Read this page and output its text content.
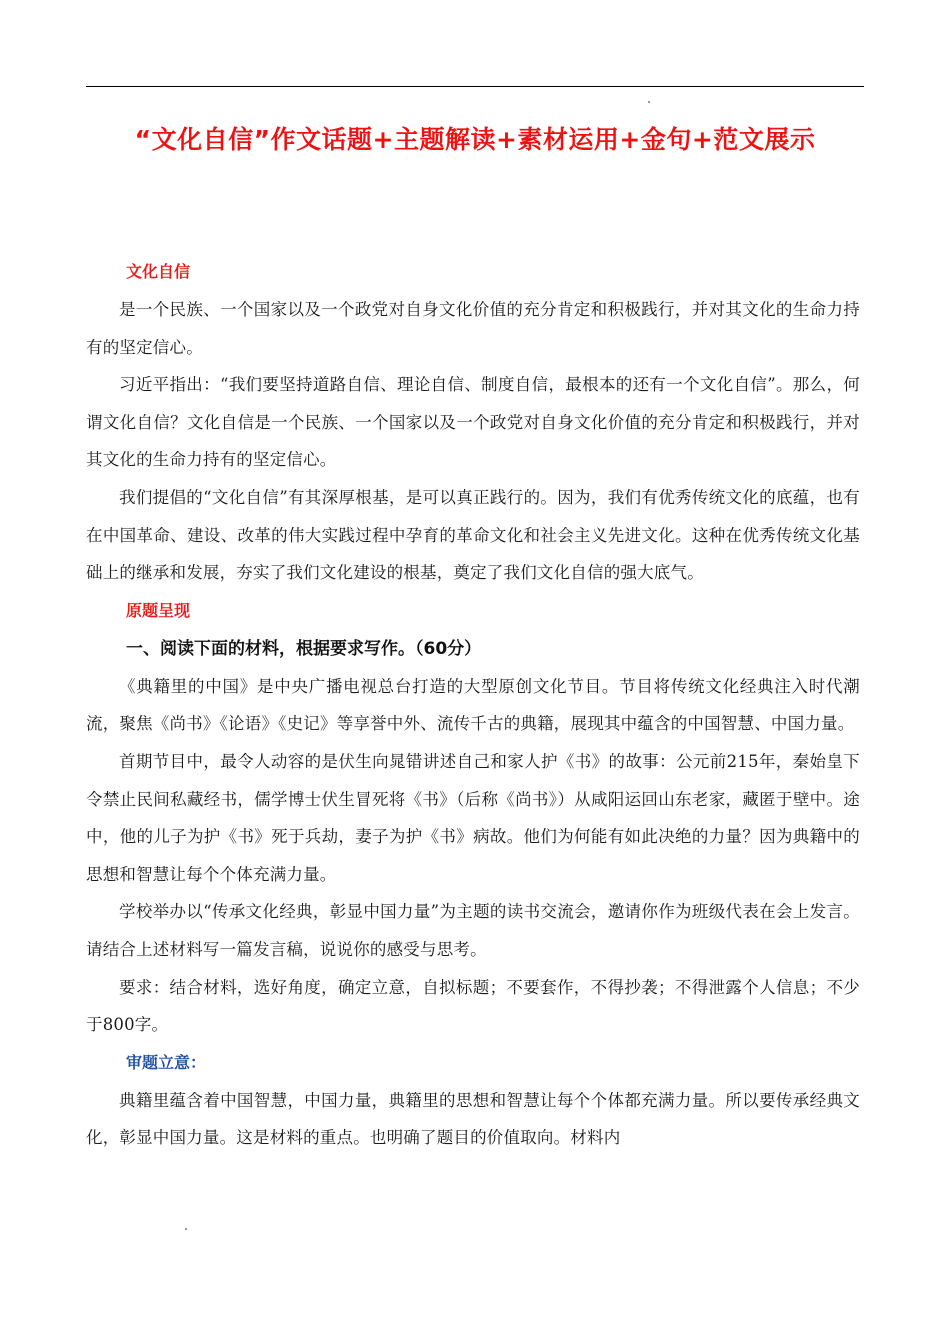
“文化自信”作文话题+主题解读+素材运用+金句+范文展示
文化自信

是一个民族、一个国家以及一个政党对自身文化价值的充分肯定和积极践行，并对其文化的生命力持有的坚定信心。

习近平指出：“我们要坚持道路自信、理论自信、制度自信，最根本的还有一个文化自信”。那么，何谓文化自信？文化自信是一个民族、一个国家以及一个政党对自身文化价值的充分肯定和积极践行，并对其文化的生命力持有的坚定信心。

我们提倡的“文化自信”有其深厚根基，是可以真正践行的。因为，我们有优秀传统文化的底蕴，也有在中国革命、建设、改革的伟大实践过程中孕育的革命文化和社会主义先进文化。这种在优秀传统文化基础上的继承和发展，夯实了我们文化建设的根基，奠定了我们文化自信的强大底气。

原题呈现
一、阅读下面的材料，根据要求写作。（60分）

《典籍里的中国》是中央广播电视总台打造的大型原创文化节目。节目将传统文化经典注入时代潮流，聚焦《尚书》《论语》《史记》等享誉中外、流传千古的典籍，展现其中蕴含的中国智慧、中国力量。

首期节目中，最令人动容的是伏生向晁错讲述自己和家人护《书》的故事：公元前215年，秦始皇下令禁止民间私藏经书，儒学博士伏生冒死将《书》（后称《尚书》）从咸阳运回山东老家，藏匿于壁中。途中，他的儿子为护《书》死于兵劫，妻子为护《书》病故。他们为何能有如此决绝的力量？因为典籍中的思想和智慧让每个个体充满力量。

学校举办以“传承文化经典，彰显中国力量”为主题的读书交流会，邀请你作为班级代表在会上发言。请结合上述材料写一篇发言稿，说说你的感受与思考。

要求：结合材料，选好角度，确定立意，自拟标题；不要套作，不得抄袭；不得泄露个人信息；不少于800字。

审题立意：

典籍里蕴含着中国智慧，中国力量，典籍里的思想和智慧让每个个体都充满力量。所以要传承经典文化，彰显中国力量。这是材料的重点。也明确了题目的价值取向。材料内
